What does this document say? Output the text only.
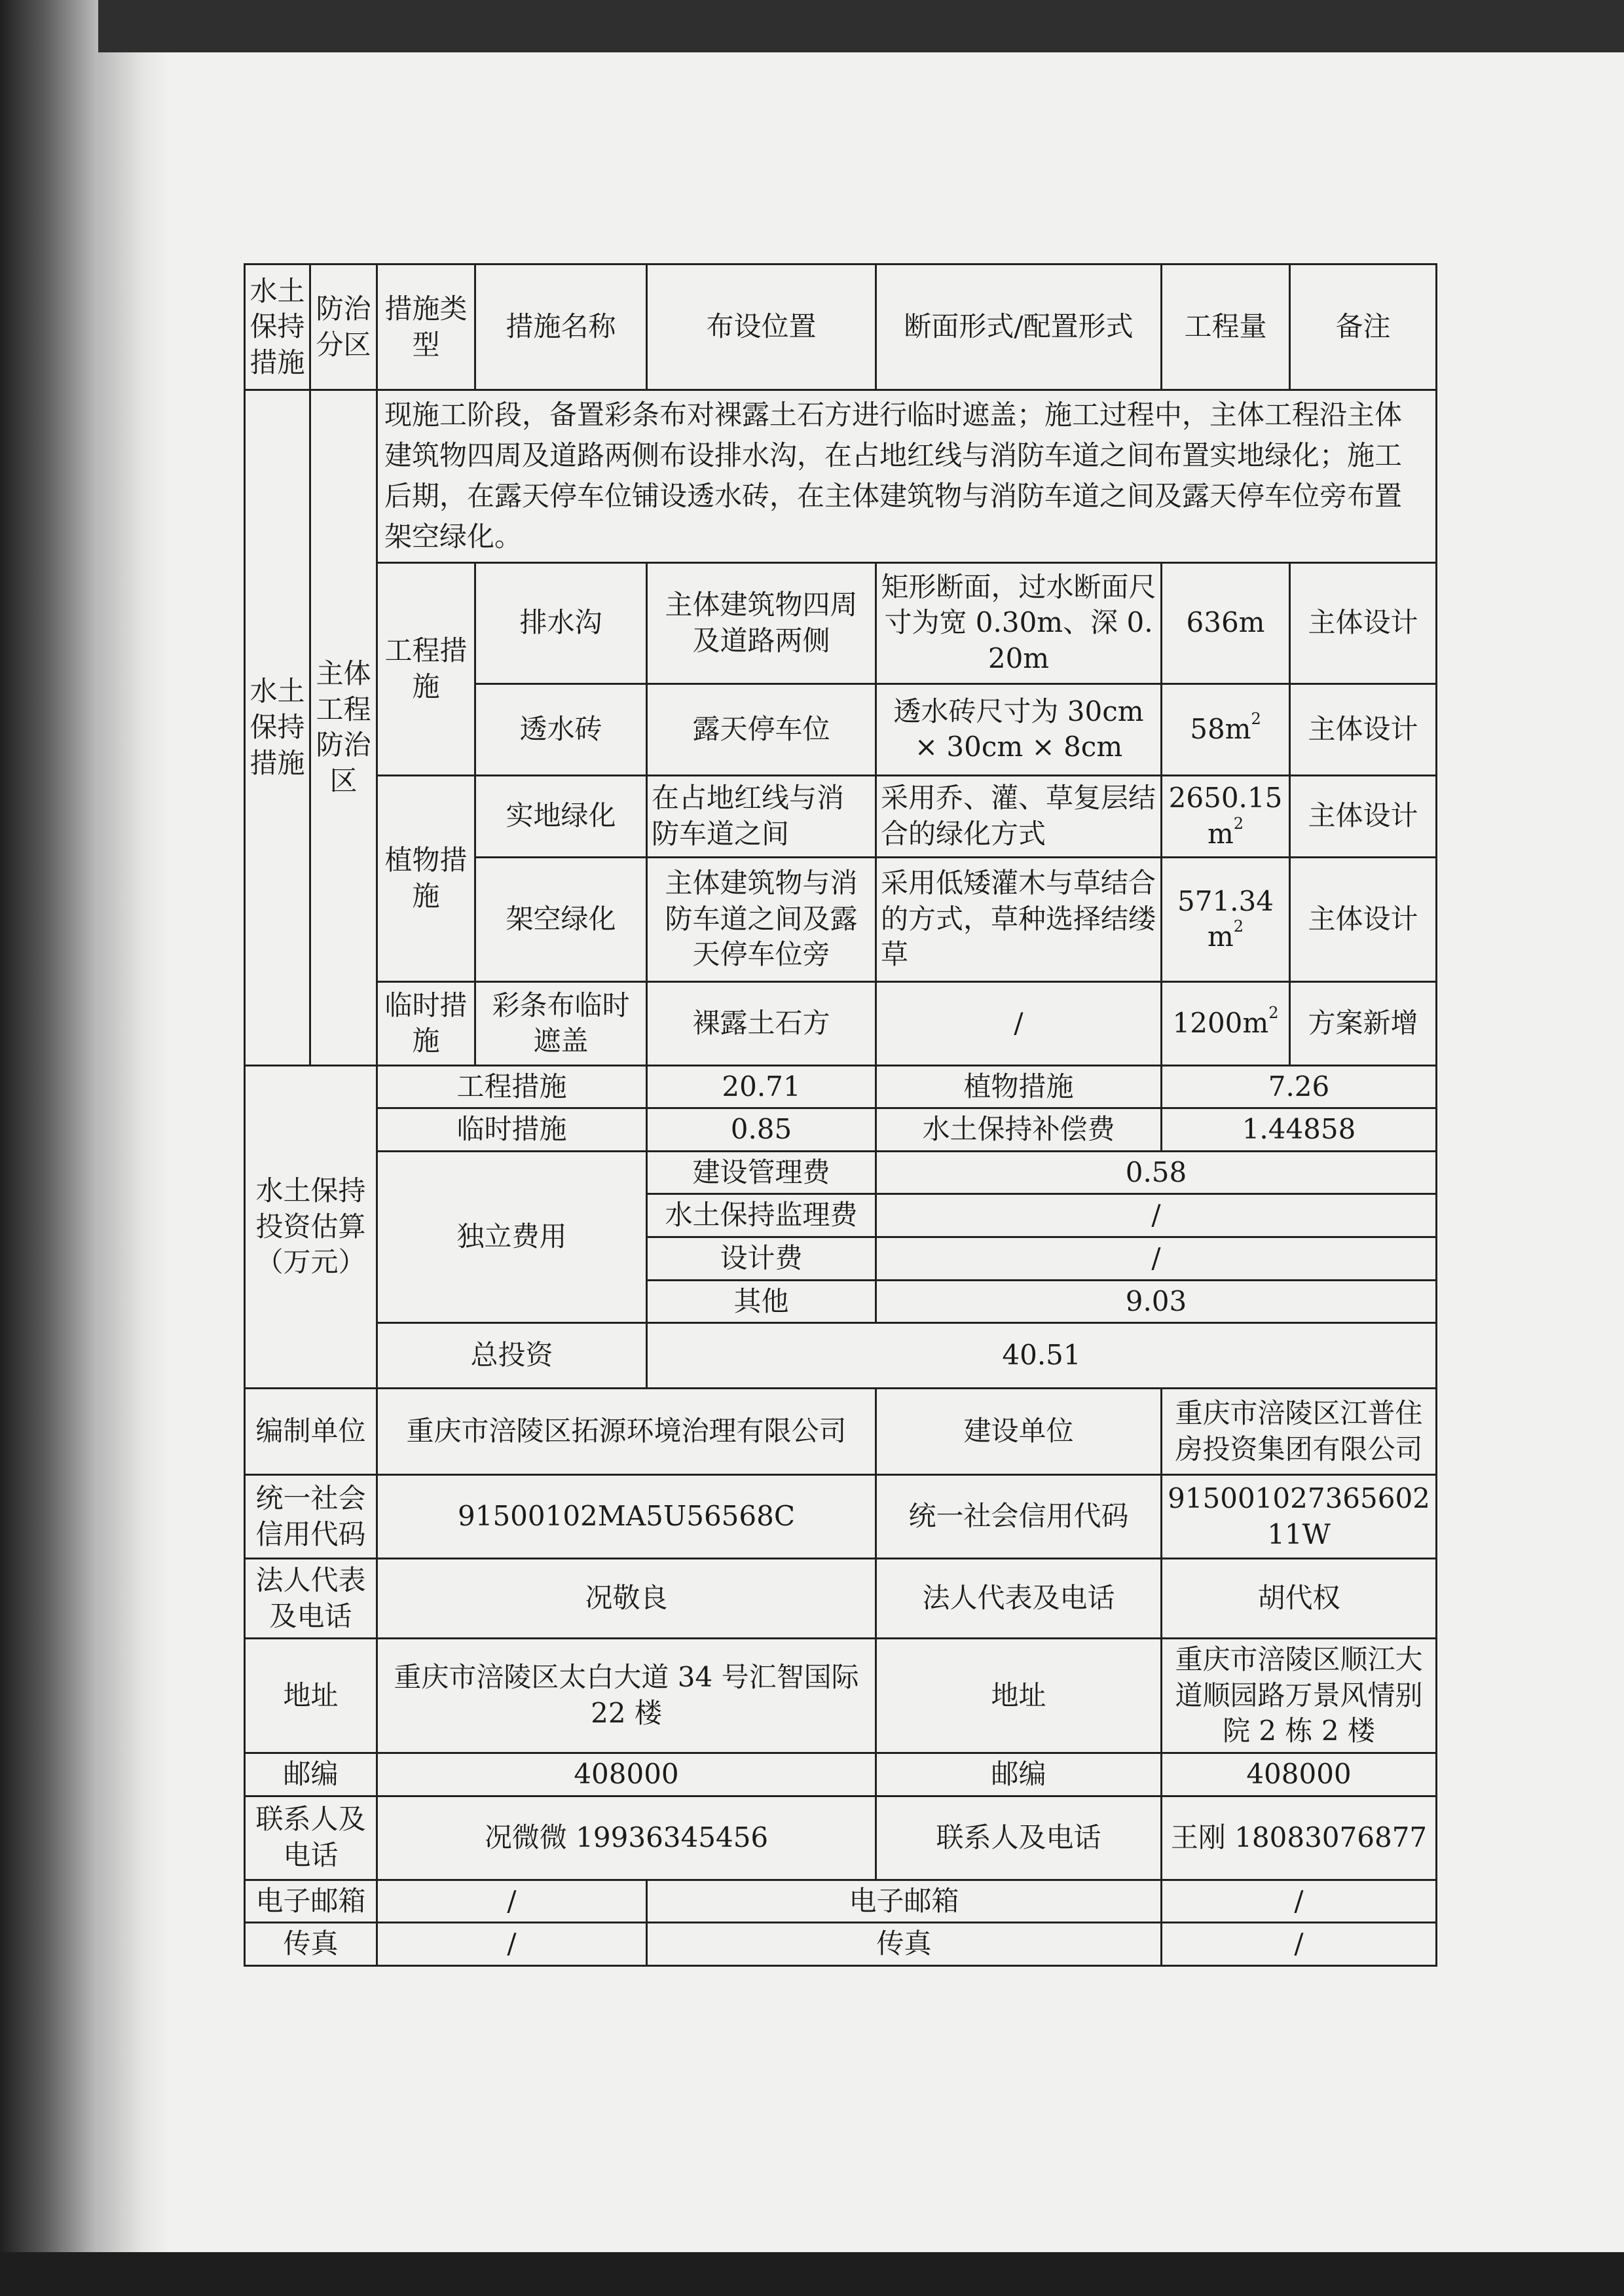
水土保持措施	防治分区	措施类型	措施名称	布设位置	断面形式/配置形式	工程量	备注
水土保持措施	主体工程防治区	现施工阶段，备置彩条布对裸露土石方进行临时遮盖；施工过程中，主体工程沿主体建筑物四周及道路两侧布设排水沟，在占地红线与消防车道之间布置实地绿化；施工后期，在露天停车位铺设透水砖，在主体建筑物与消防车道之间及露天停车位旁布置架空绿化。					
		工程措施	排水沟	主体建筑物四周及道路两侧	矩形断面，过水断面尺寸为宽 0.30m、深 0.20m	636m	主体设计
			透水砖	露天停车位	透水砖尺寸为 30cm × 30cm × 8cm	$58m^2$	主体设计
		植物措施	实地绿化	在占地红线与消防车道之间	采用乔、灌、草复层结合的绿化方式	2650.15 $m^2$	主体设计
			架空绿化	主体建筑物与消防车道之间及露天停车位旁	采用低矮灌木与草结合的方式，草种选择结缕草	$571.34m^2$	主体设计
		临时措施	彩条布临时遮盖	裸露土石方	/	$1200m^2$	方案新增
水土保持投资估算（万元）		工程措施		20.71	植物措施	7.26	
		临时措施		0.85	水土保持补偿费	1.44858	
		独立费用		建设管理费	0.58		
				水土保持监理费	/		
				设计费	/		
				其他	9.03		
		总投资		40.51			

编制单位		重庆市涪陵区拓源环境治理有限公司			建设单位	重庆市涪陵区江普住房投资集团有限公司	
统一社会信用代码		91500102MA5U56568C			统一社会信用代码	91500102736560211W	
法人代表及电话		况敬良			法人代表及电话	胡代权	
地址		重庆市涪陵区太白大道 34 号汇智国际 22 楼			地址	重庆市涪陵区顺江大道顺园路万景风情别院 2 栋 2 楼	
邮编		408000			邮编	408000	
联系人及电话		况微微 19936345456			联系人及电话	王刚 18083076877	
电子邮箱		/		电子邮箱		/	
传真		/		传真		/	
